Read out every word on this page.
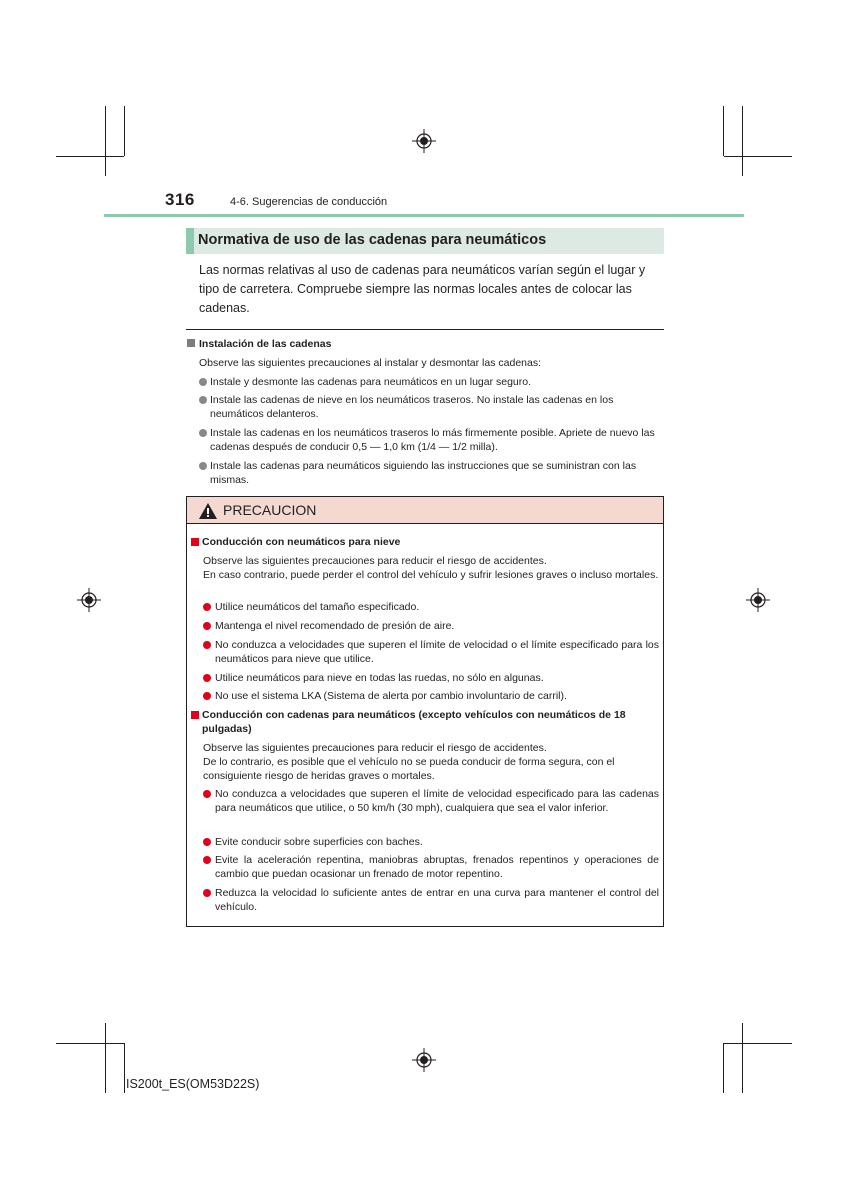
316	4-6. Sugerencias de conducción
Normativa de uso de las cadenas para neumáticos

Las normas relativas al uso de cadenas para neumáticos varían según el lugar y tipo de carretera. Compruebe siempre las normas locales antes de colocar las cadenas.

Instalación de las cadenas
Observe las siguientes precauciones al instalar y desmontar las cadenas:
Instale y desmonte las cadenas para neumáticos en un lugar seguro.
Instale las cadenas de nieve en los neumáticos traseros. No instale las cadenas en los neumáticos delanteros.
Instale las cadenas en los neumáticos traseros lo más firmemente posible. Apriete de nuevo las cadenas después de conducir 0,5 — 1,0 km (1/4 — 1/2 milla).
Instale las cadenas para neumáticos siguiendo las instrucciones que se suministran con las mismas.
PRECAUCION
Conducción con neumáticos para nieve
Observe las siguientes precauciones para reducir el riesgo de accidentes.
En caso contrario, puede perder el control del vehículo y sufrir lesiones graves o incluso mortales.
Utilice neumáticos del tamaño especificado.
Mantenga el nivel recomendado de presión de aire.
No conduzca a velocidades que superen el límite de velocidad o el límite especificado para los neumáticos para nieve que utilice.
Utilice neumáticos para nieve en todas las ruedas, no sólo en algunas.
No use el sistema LKA (Sistema de alerta por cambio involuntario de carril).
Conducción con cadenas para neumáticos (excepto vehículos con neumáticos de 18 pulgadas)
Observe las siguientes precauciones para reducir el riesgo de accidentes.
De lo contrario, es posible que el vehículo no se pueda conducir de forma segura, con el consiguiente riesgo de heridas graves o mortales.
No conduzca a velocidades que superen el límite de velocidad especificado para las cadenas para neumáticos que utilice, o 50 km/h (30 mph), cualquiera que sea el valor inferior.
Evite conducir sobre superficies con baches.
Evite la aceleración repentina, maniobras abruptas, frenados repentinos y operaciones de cambio que puedan ocasionar un frenado de motor repentino.
Reduzca la velocidad lo suficiente antes de entrar en una curva para mantener el control del vehículo.
IS200t_ES(OM53D22S)
